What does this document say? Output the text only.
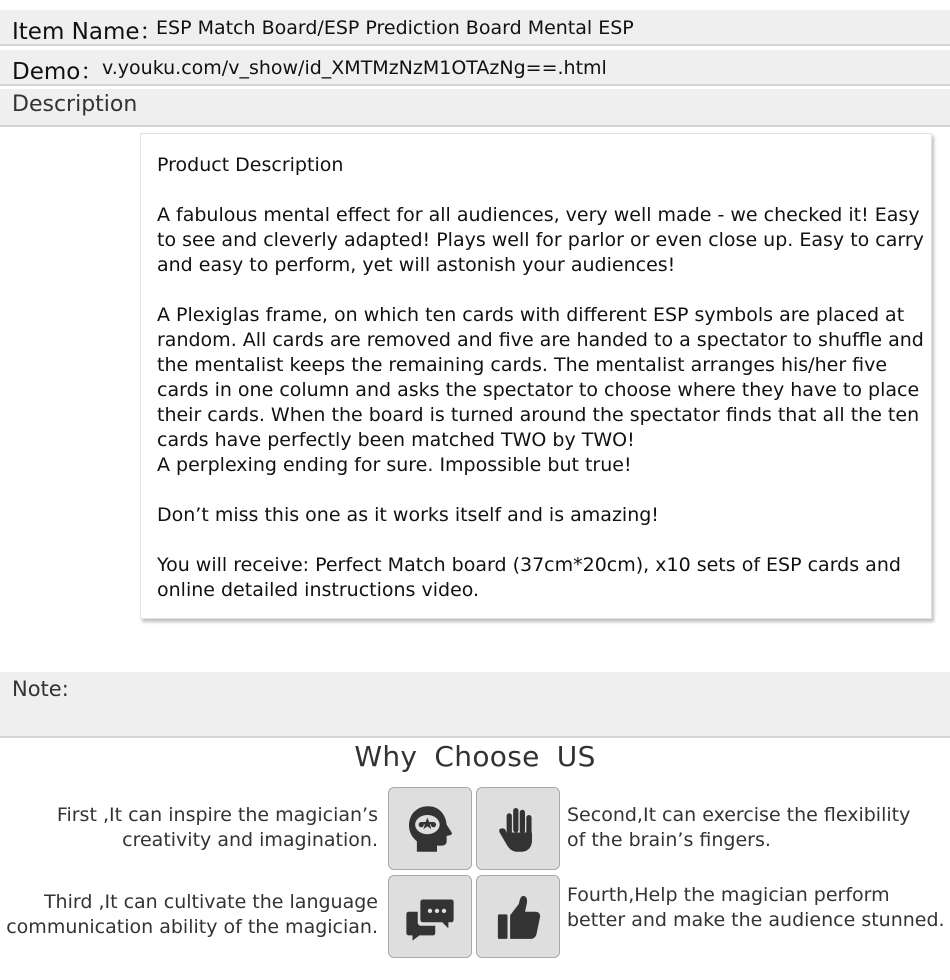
Item Name：
ESP Match Board/ESP Prediction Board Mental ESP
Demo：
v.youku.com/v_show/id_XMTMzNzM1OTAzNg==.html
Description

Product Description

A fabulous mental effect for all audiences, very well made - we checked it! Easy to see and cleverly adapted! Plays well for parlor or even close up. Easy to carry and easy to perform, yet will astonish your audiences!

A Plexiglas frame, on which ten cards with different ESP symbols are placed at random. All cards are removed and five are handed to a spectator to shuffle and the mentalist keeps the remaining cards. The mentalist arranges his/her five cards in one column and asks the spectator to choose where they have to place their cards. When the board is turned around the spectator finds that all the ten cards have perfectly been matched TWO by TWO!

A perplexing ending for sure. Impossible but true!

Don’t miss this one as it works itself and is amazing!

You will receive: Perfect Match board (37cm*20cm), x10 sets of ESP cards and online detailed instructions video.

Note:
Why Choose US
First ,It can inspire the magician’s
creativity and imagination.
Second,It can exercise the flexibility
of the brain’s fingers.
Third ,It can cultivate the language
communication ability of the magician.
Fourth,Help the magician perform
better and make the audience stunned.
